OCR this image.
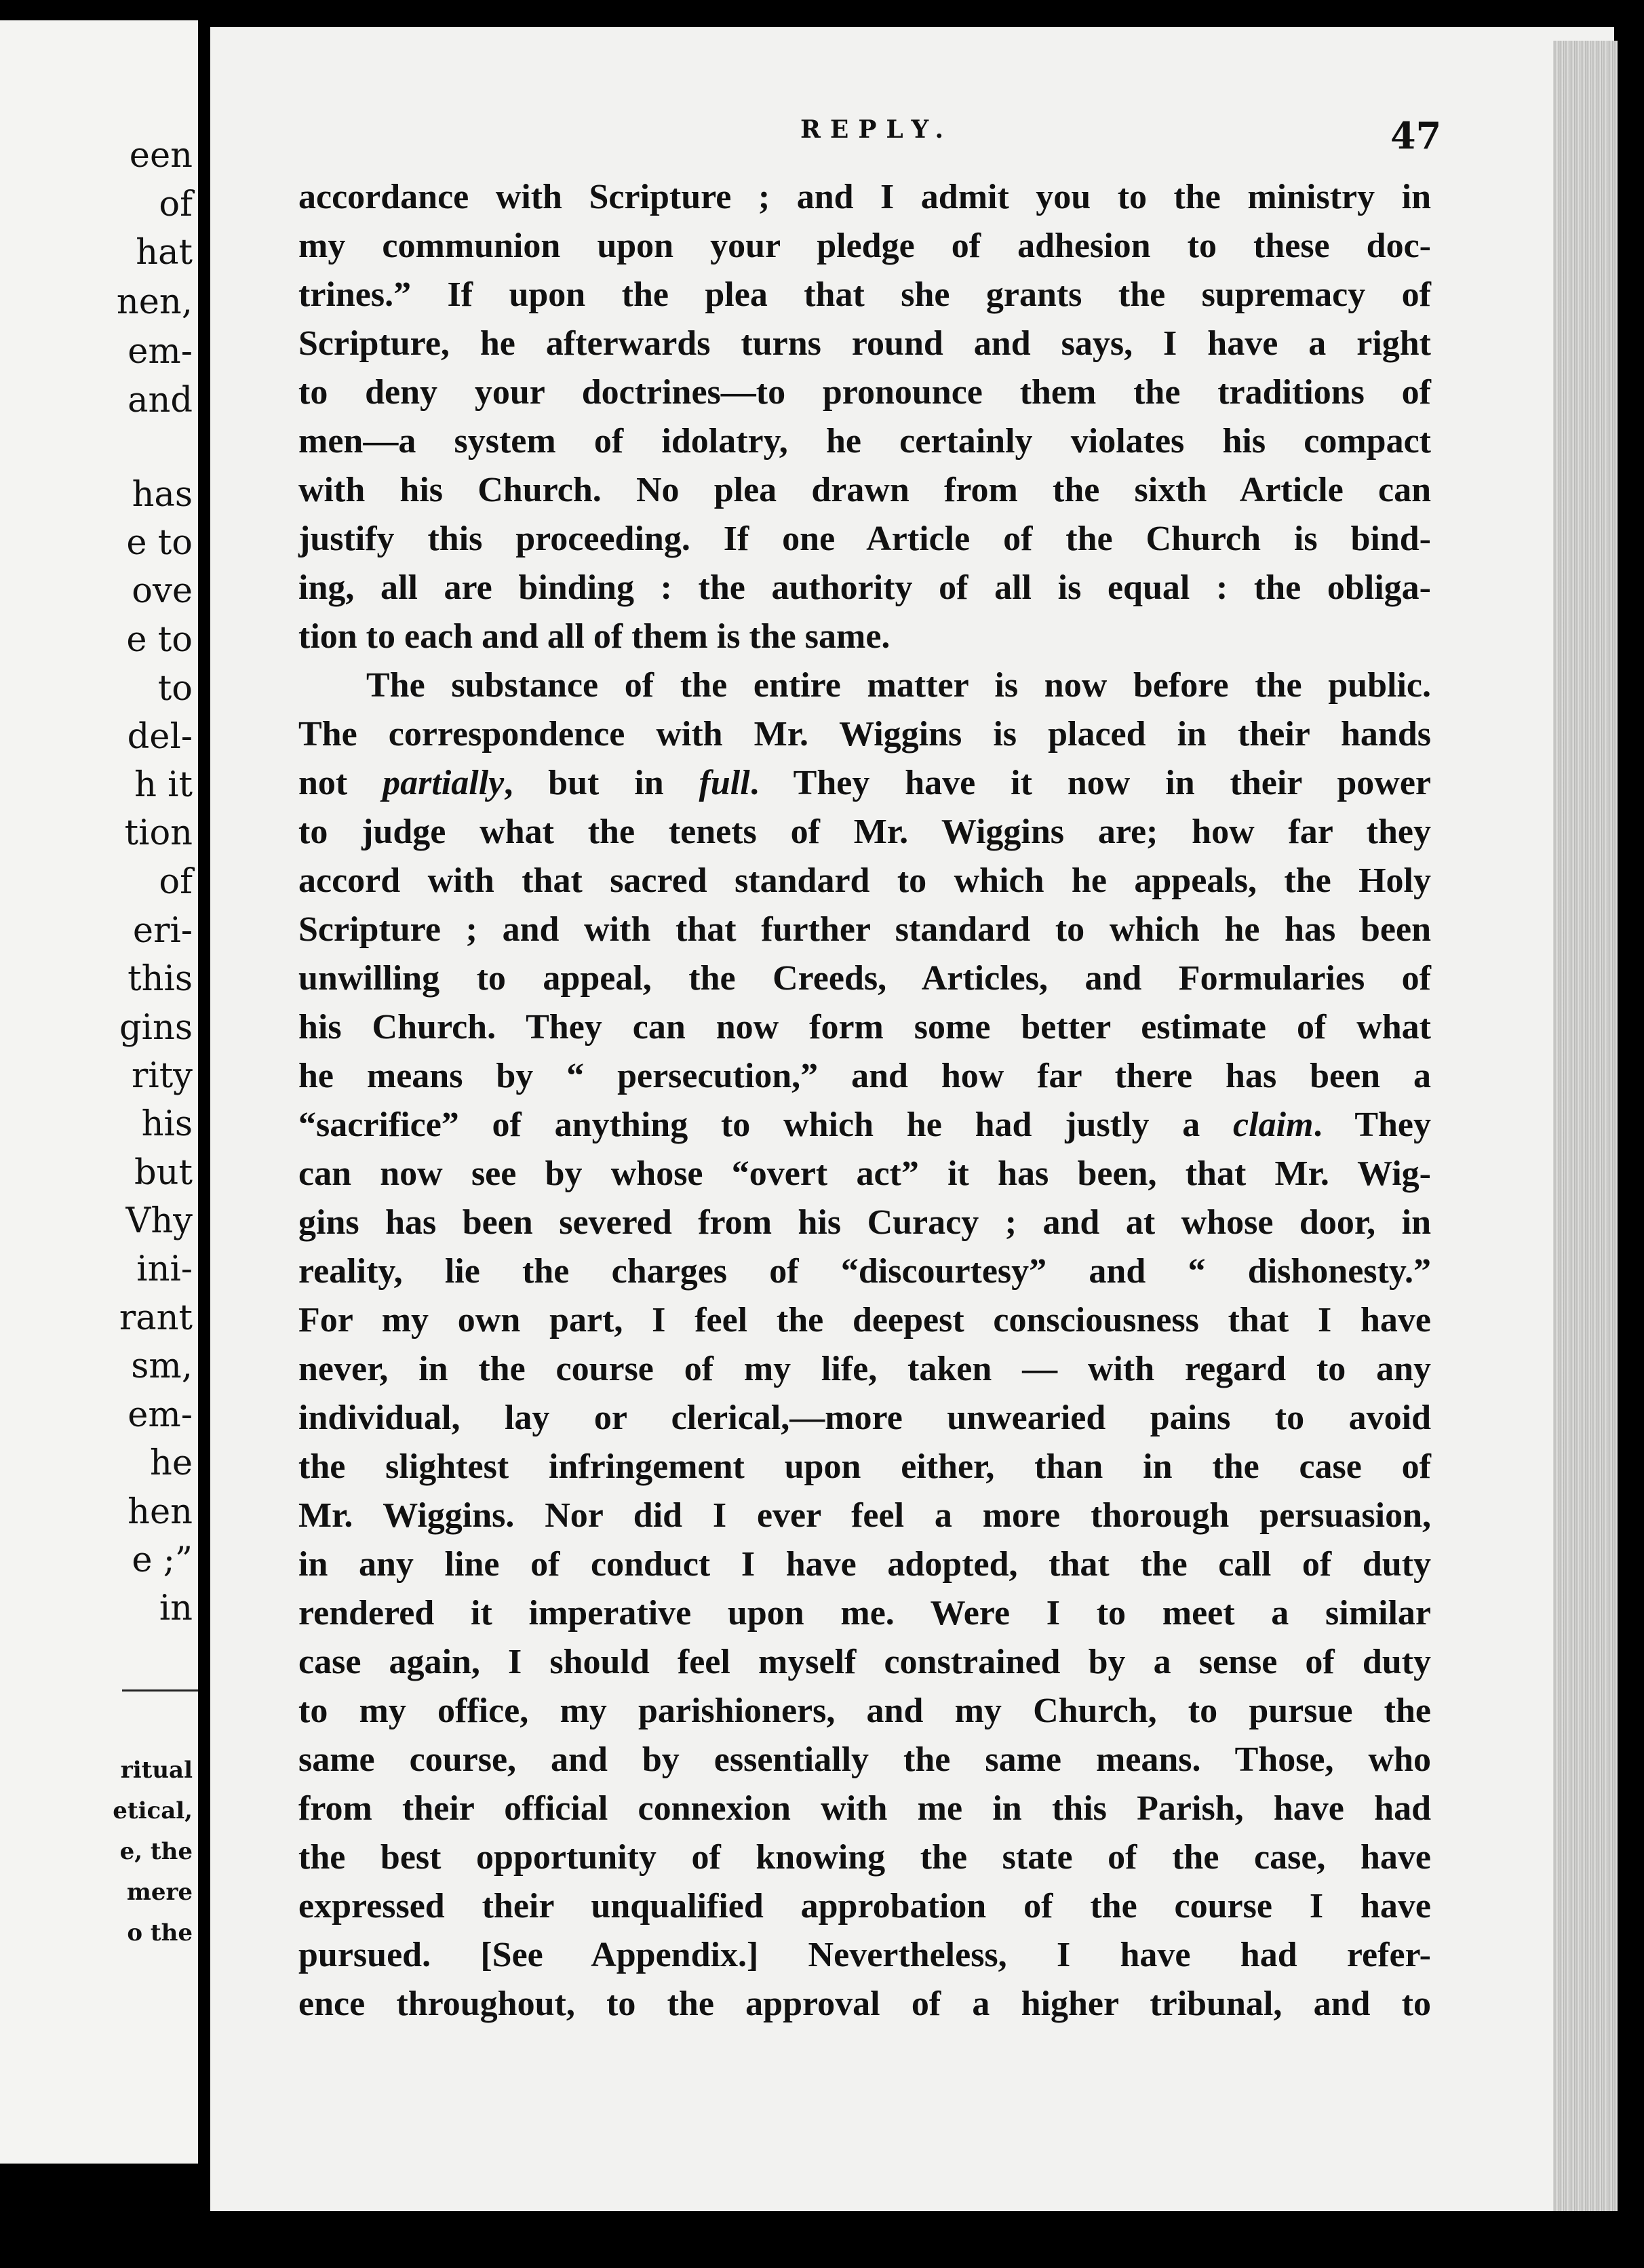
een
of
hat
nen,
em-
and
has
e to
ove
e to
to
del-
h it
tion
of
eri-
this
gins
rity
his
but
Vhy
ini-
rant
sm,
em-
he
hen
e ;”
in
ritual
etical,
e, the
mere
o the
REPLY.	47
accordance with Scripture ; and I admit you to the ministry in
my communion upon your pledge of adhesion to these doc-
trines.” If upon the plea that she grants the supremacy of
Scripture, he afterwards turns round and says, I have a right
to deny your doctrines—to pronounce them the traditions of
men—a system of idolatry, he certainly violates his compact
with his Church. No plea drawn from the sixth Article can
justify this proceeding. If one Article of the Church is bind-
ing, all are binding : the authority of all is equal : the obliga-
tion to each and all of them is the same.
The substance of the entire matter is now before the public.
The correspondence with Mr. Wiggins is placed in their hands
not partially, but in full. They have it now in their power
to judge what the tenets of Mr. Wiggins are; how far they
accord with that sacred standard to which he appeals, the Holy
Scripture ; and with that further standard to which he has been
unwilling to appeal, the Creeds, Articles, and Formularies of
his Church. They can now form some better estimate of what
he means by “ persecution,” and how far there has been a
“sacrifice” of anything to which he had justly a claim. They
can now see by whose “overt act” it has been, that Mr. Wig-
gins has been severed from his Curacy ; and at whose door, in
reality, lie the charges of “discourtesy” and “ dishonesty.”
For my own part, I feel the deepest consciousness that I have
never, in the course of my life, taken — with regard to any
individual, lay or clerical,—more unwearied pains to avoid
the slightest infringement upon either, than in the case of
Mr. Wiggins. Nor did I ever feel a more thorough persuasion,
in any line of conduct I have adopted, that the call of duty
rendered it imperative upon me. Were I to meet a similar
case again, I should feel myself constrained by a sense of duty
to my office, my parishioners, and my Church, to pursue the
same course, and by essentially the same means. Those, who
from their official connexion with me in this Parish, have had
the best opportunity of knowing the state of the case, have
expressed their unqualified approbation of the course I have
pursued. [See Appendix.] Nevertheless, I have had refer-
ence throughout, to the approval of a higher tribunal, and to
